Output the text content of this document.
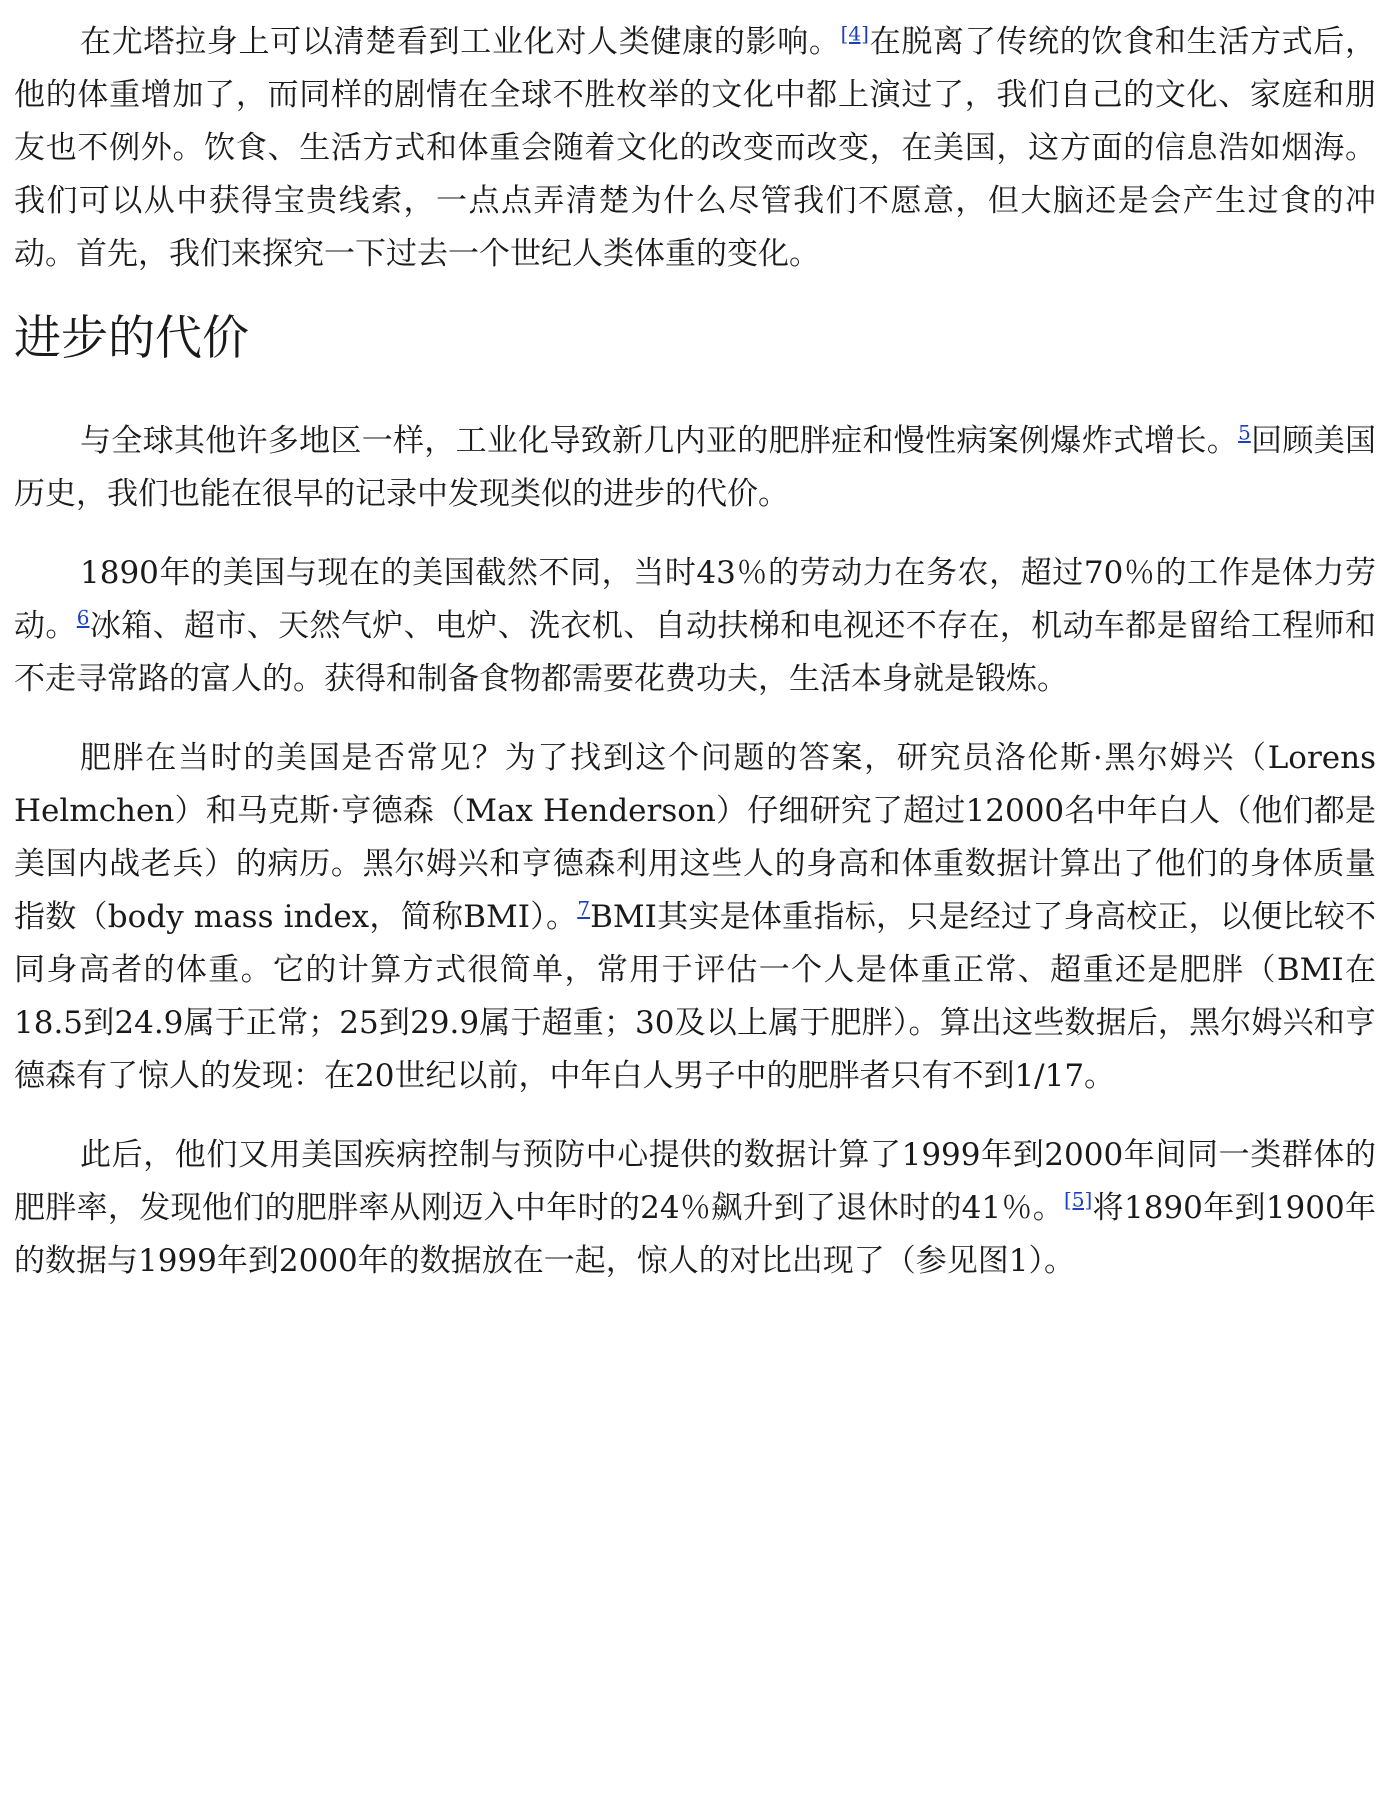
在尤塔拉身上可以清楚看到工业化对人类健康的影响。[4]在脱离了传统的饮食和生活方式后，他的体重增加了，而同样的剧情在全球不胜枚举的文化中都上演过了，我们自己的文化、家庭和朋友也不例外。饮食、生活方式和体重会随着文化的改变而改变，在美国，这方面的信息浩如烟海。我们可以从中获得宝贵线索，一点点弄清楚为什么尽管我们不愿意，但大脑还是会产生过食的冲动。首先，我们来探究一下过去一个世纪人类体重的变化。

进步的代价

与全球其他许多地区一样，工业化导致新几内亚的肥胖症和慢性病案例爆炸式增长。$^5$回顾美国历史，我们也能在很早的记录中发现类似的进步的代价。

1890年的美国与现在的美国截然不同，当时43％的劳动力在务农，超过70％的工作是体力劳动。$^6$冰箱、超市、天然气炉、电炉、洗衣机、自动扶梯和电视还不存在，机动车都是留给工程师和不走寻常路的富人的。获得和制备食物都需要花费功夫，生活本身就是锻炼。

肥胖在当时的美国是否常见？为了找到这个问题的答案，研究员洛伦斯·黑尔姆兴（Lorens Helmchen）和马克斯·亨德森（Max Henderson）仔细研究了超过12000名中年白人（他们都是美国内战老兵）的病历。黑尔姆兴和亨德森利用这些人的身高和体重数据计算出了他们的身体质量指数（body mass index，简称BMI）。$^7$BMI其实是体重指标，只是经过了身高校正，以便比较不同身高者的体重。它的计算方式很简单，常用于评估一个人是体重正常、超重还是肥胖（BMI在18.5到24.9属于正常；25到29.9属于超重；30及以上属于肥胖）。算出这些数据后，黑尔姆兴和亨德森有了惊人的发现：在20世纪以前，中年白人男子中的肥胖者只有不到1/17。

此后，他们又用美国疾病控制与预防中心提供的数据计算了1999年到2000年间同一类群体的肥胖率，发现他们的肥胖率从刚迈入中年时的24％飙升到了退休时的41％。[5]将1890年到1900年的数据与1999年到2000年的数据放在一起，惊人的对比出现了（参见图1）。
